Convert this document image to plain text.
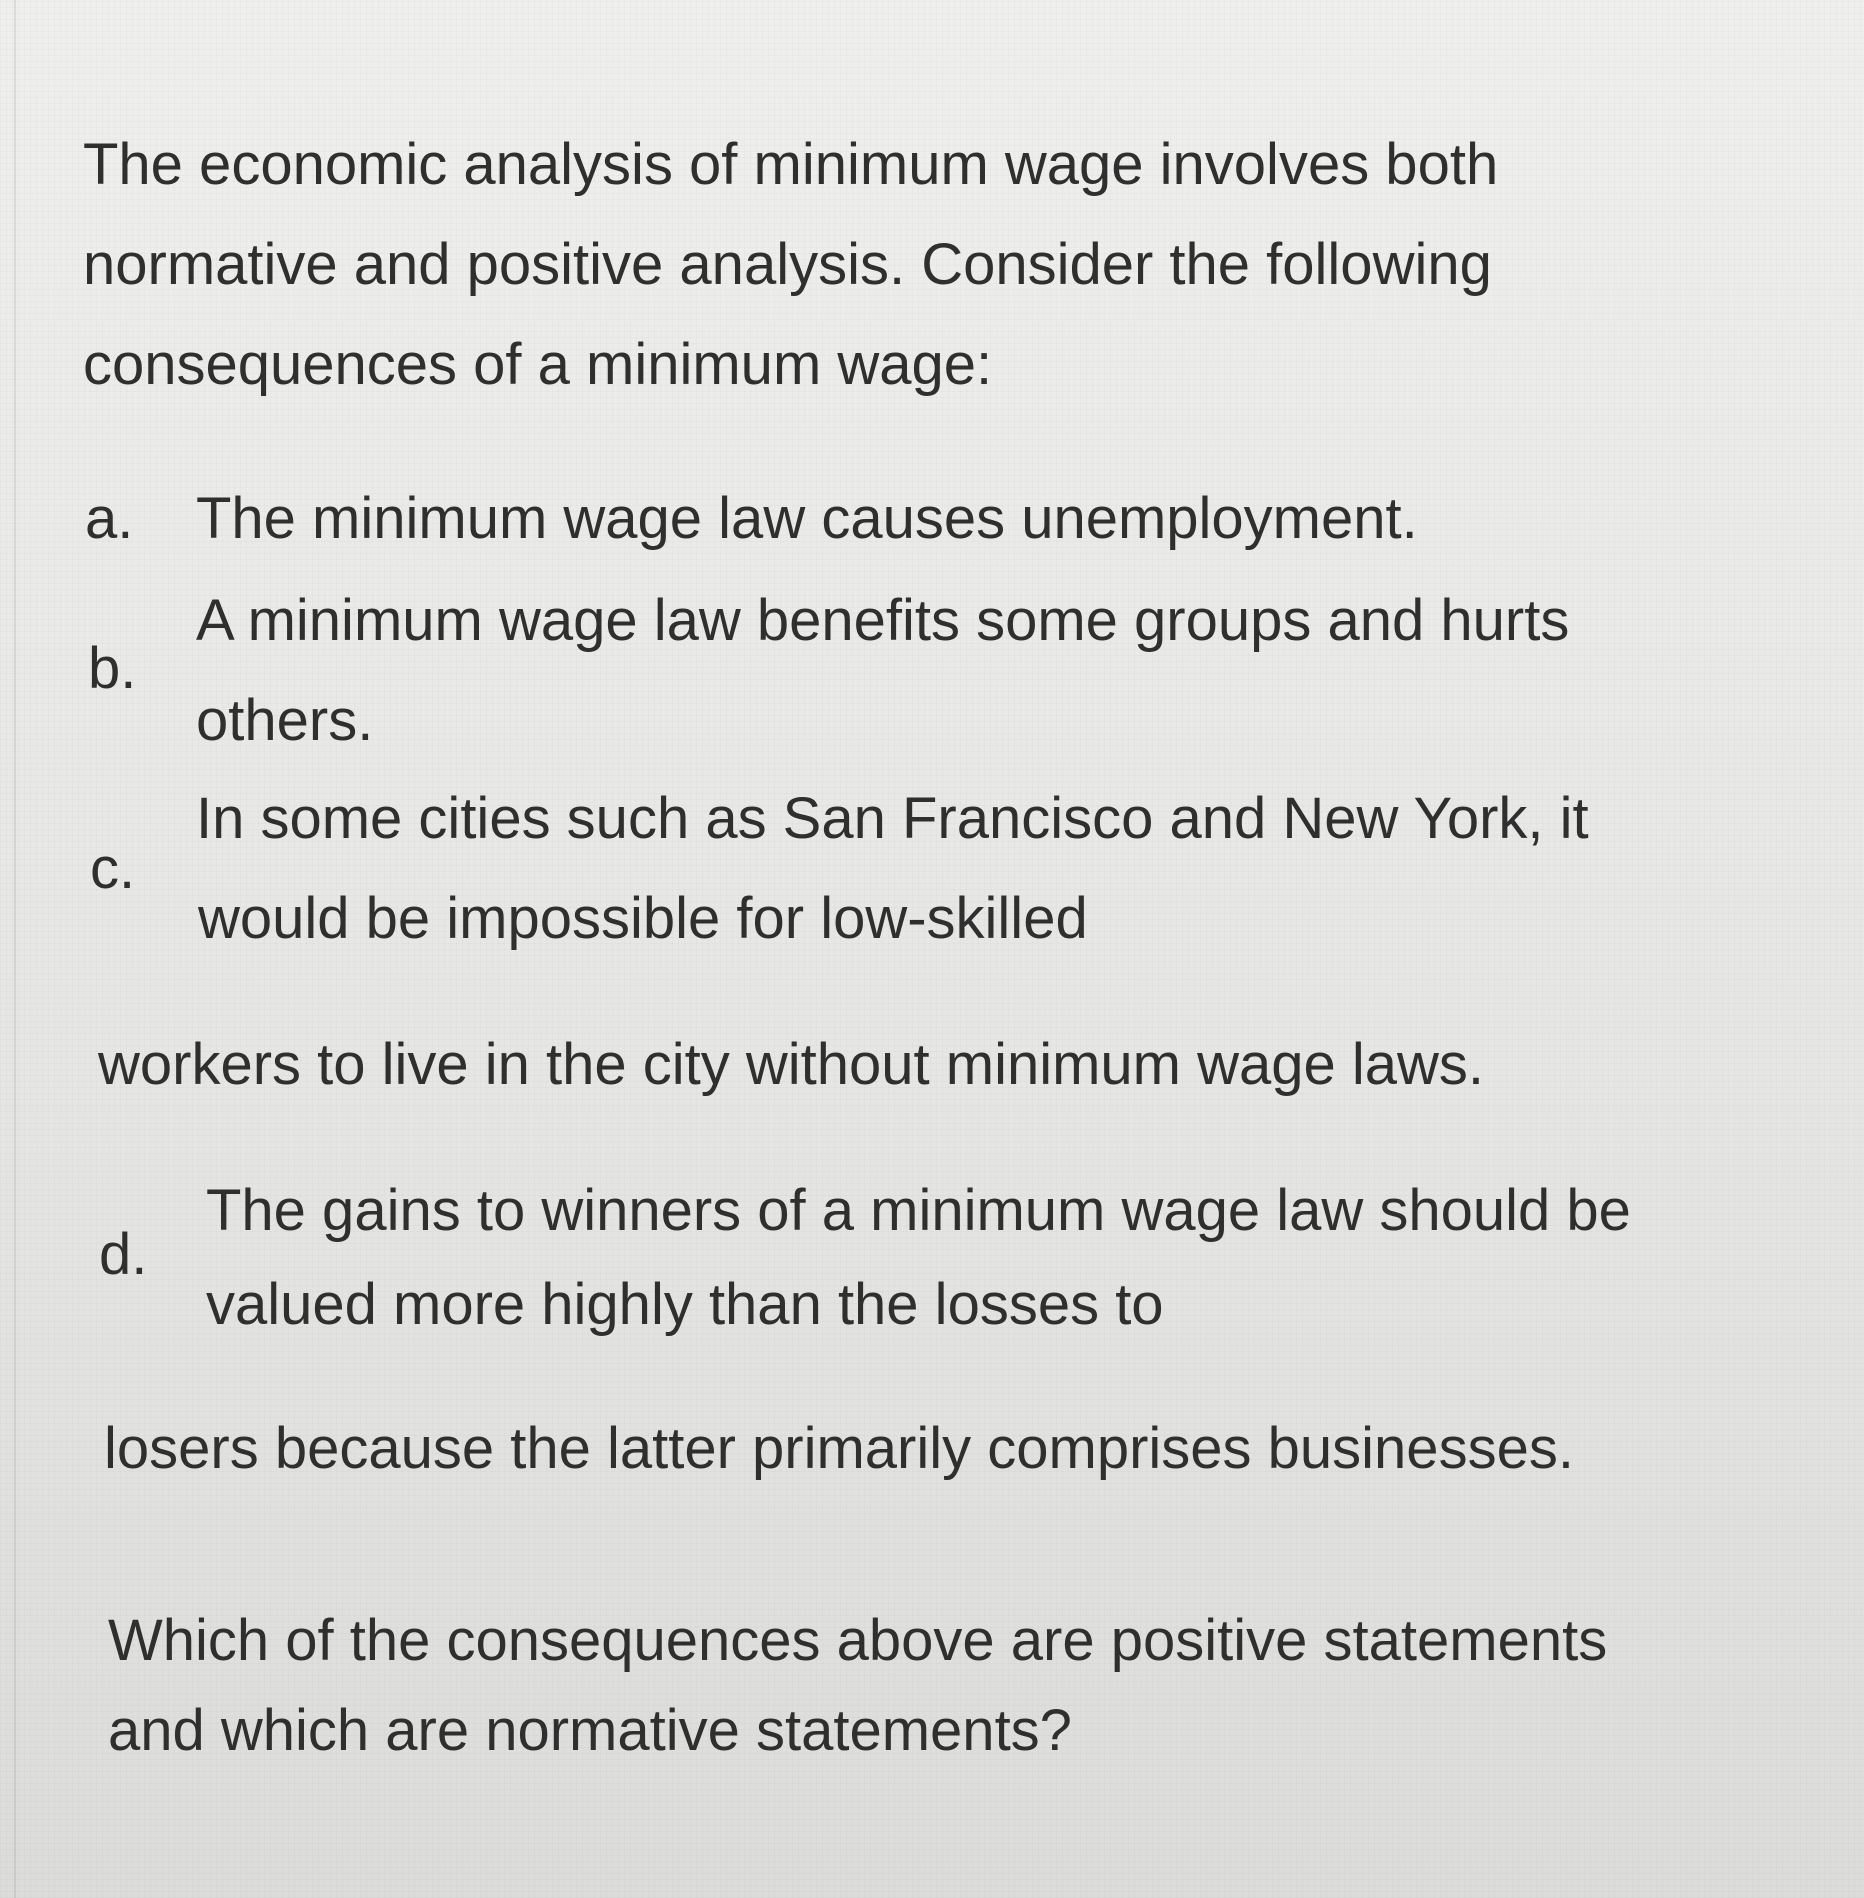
The economic analysis of minimum wage involves both
normative and positive analysis. Consider the following
consequences of a minimum wage:
a. The minimum wage law causes unemployment.
A minimum wage law benefits some groups and hurts
b.
others.
In some cities such as San Francisco and New York, it
c.
would be impossible for low-skilled
workers to live in the city without minimum wage laws.
The gains to winners of a minimum wage law should be
d.
valued more highly than the losses to
losers because the latter primarily comprises businesses.
Which of the consequences above are positive statements
and which are normative statements?
